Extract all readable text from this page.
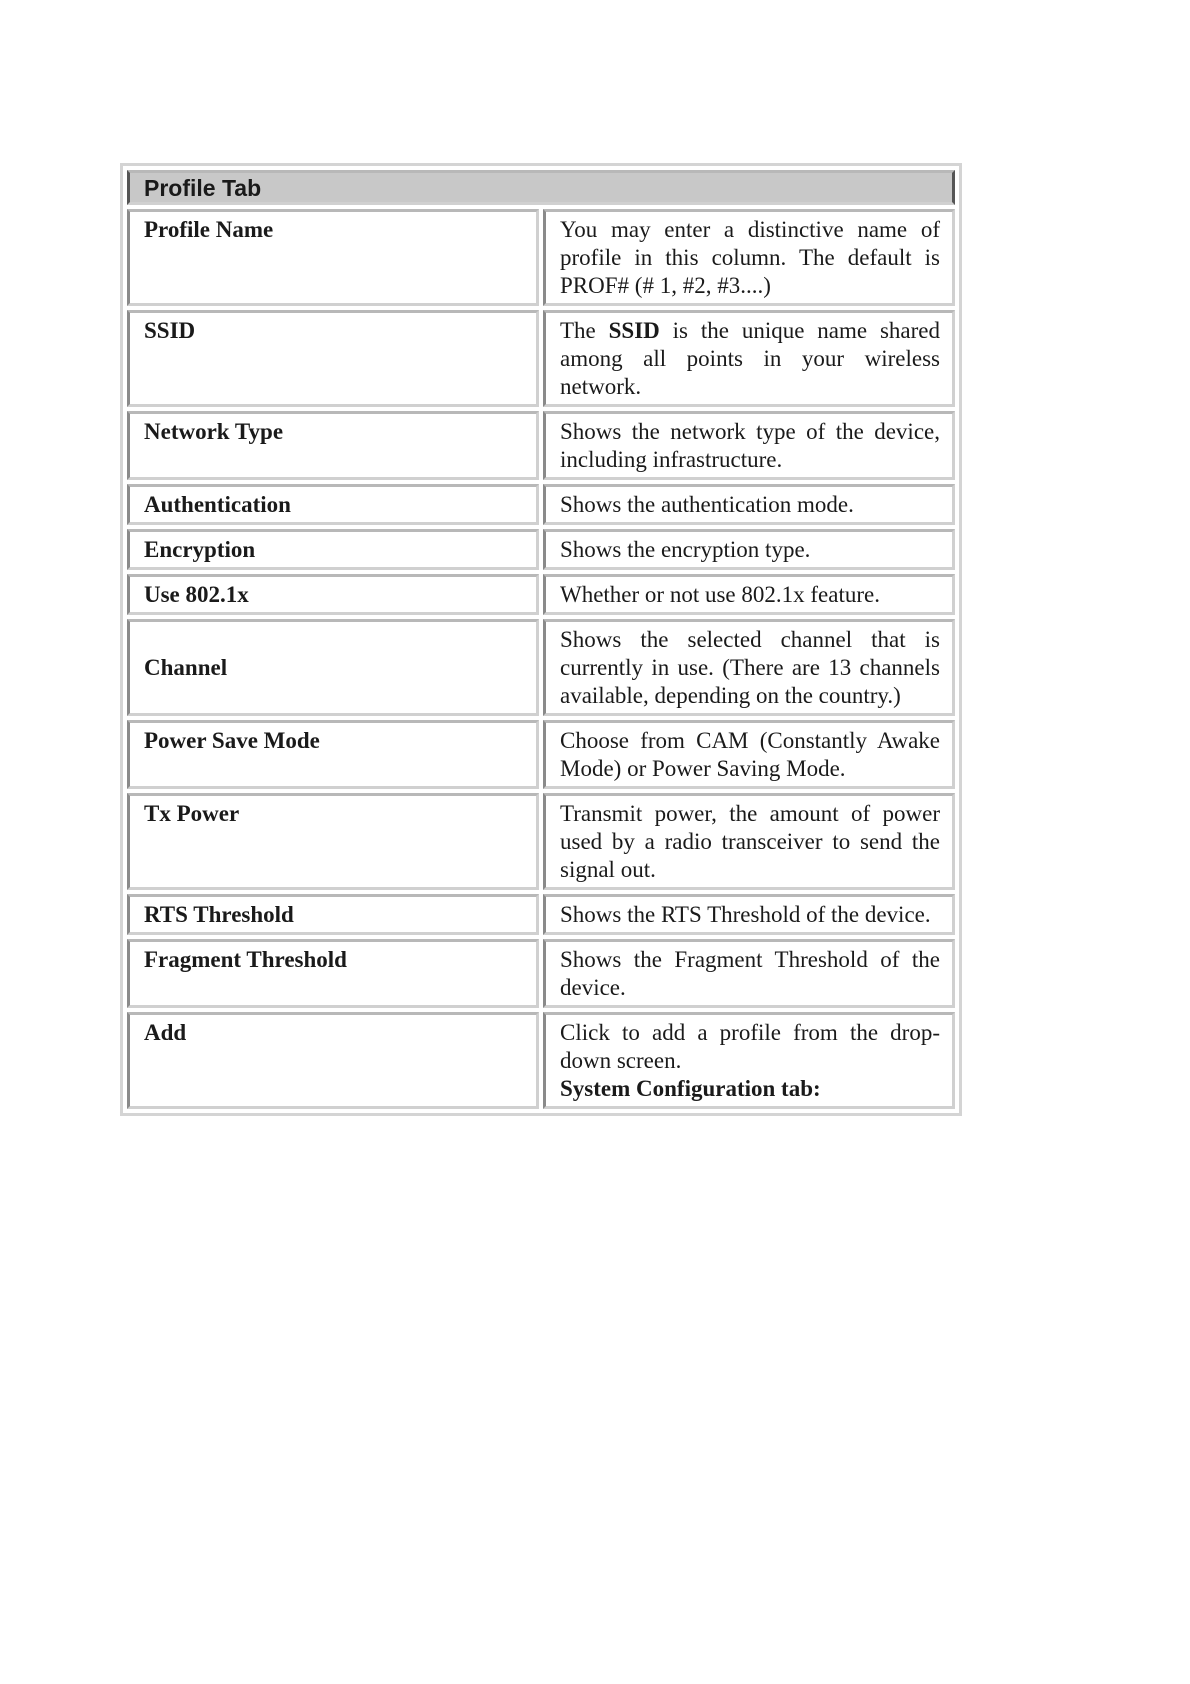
Profile Tab	
Profile Name	You may enter a distinctive name of profile in this column. The default is PROF# (# 1, #2, #3....)
SSID	The SSID is the unique name shared among all points in your wireless network.
Network Type	Shows the network type of the device, including infrastructure.
Authentication	Shows the authentication mode.
Encryption	Shows the encryption type.
Use 802.1x	Whether or not use 802.1x feature.
Channel	Shows the selected channel that is currently in use. (There are 13 channels available, depending on the country.)
Power Save Mode	Choose from CAM (Constantly Awake Mode) or Power Saving Mode.
Tx Power	Transmit power, the amount of power used by a radio transceiver to send the signal out.
RTS Threshold	Shows the RTS Threshold of the device.
Fragment Threshold	Shows the Fragment Threshold of the device.
Add	Click to add a profile from the drop-down screen.
System Configuration tab:
